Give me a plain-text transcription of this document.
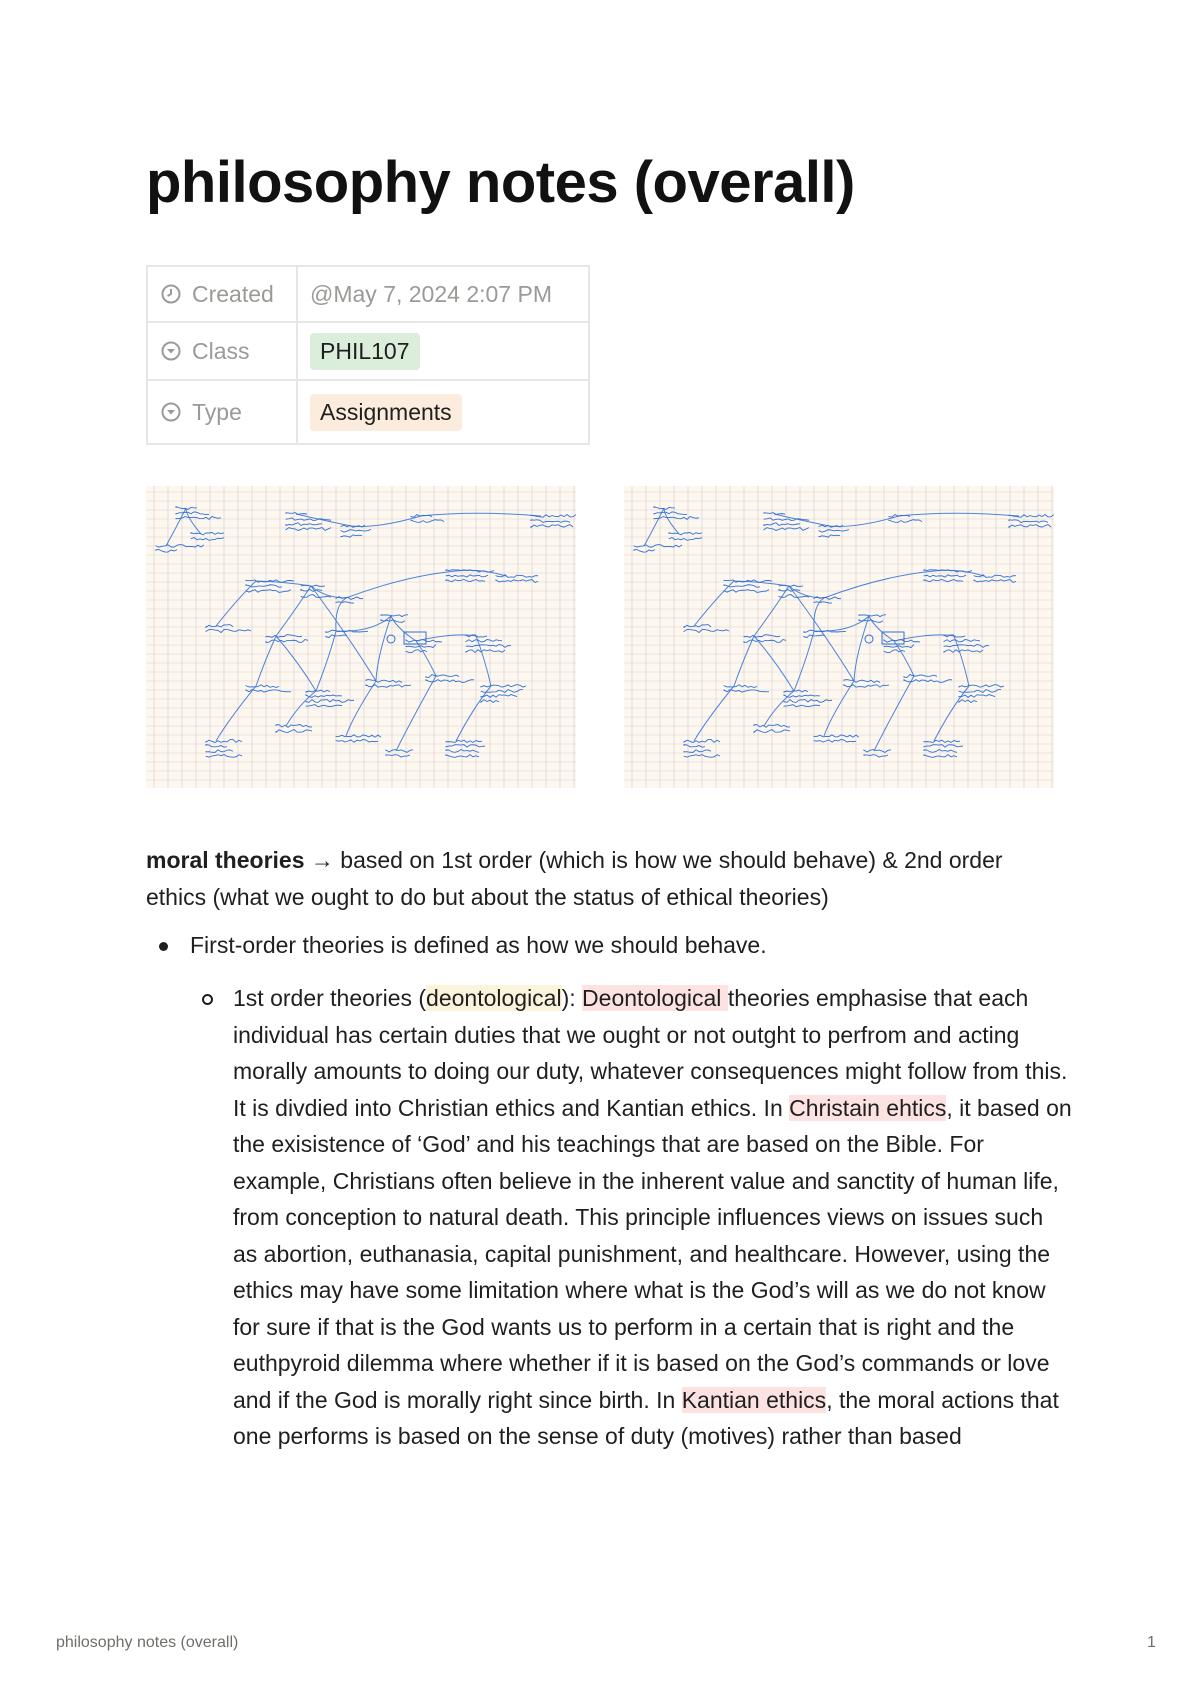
philosophy notes (overall)
Created	@May 7, 2024 2:07 PM

Class	PHIL107

Type	Assignments

moral theories → based on 1st order (which is how we should behave) & 2nd order ethics (what we ought to do but about the status of ethical theories)

First-order theories is defined as how we should behave.
1st order theories (deontological): Deontological theories emphasise that each individual has certain duties that we ought or not outght to perfrom and acting morally amounts to doing our duty, whatever consequences might follow from this. It is divdied into Christian ethics and Kantian ethics. In Christain ehtics, it based on the exisistence of ‘God’ and his teachings that are based on the Bible. For example, Christians often believe in the inherent value and sanctity of human life, from conception to natural death. This principle influences views on issues such as abortion, euthanasia, capital punishment, and healthcare. However, using the ethics may have some limitation where what is the God’s will as we do not know for sure if that is the God wants us to perform in a certain that is right and the euthpyroid dilemma where whether if it is based on the God’s commands or love and if the God is morally right since birth. In Kantian ethics, the moral actions that one performs is based on the sense of duty (motives) rather than based
philosophy notes (overall)	1
